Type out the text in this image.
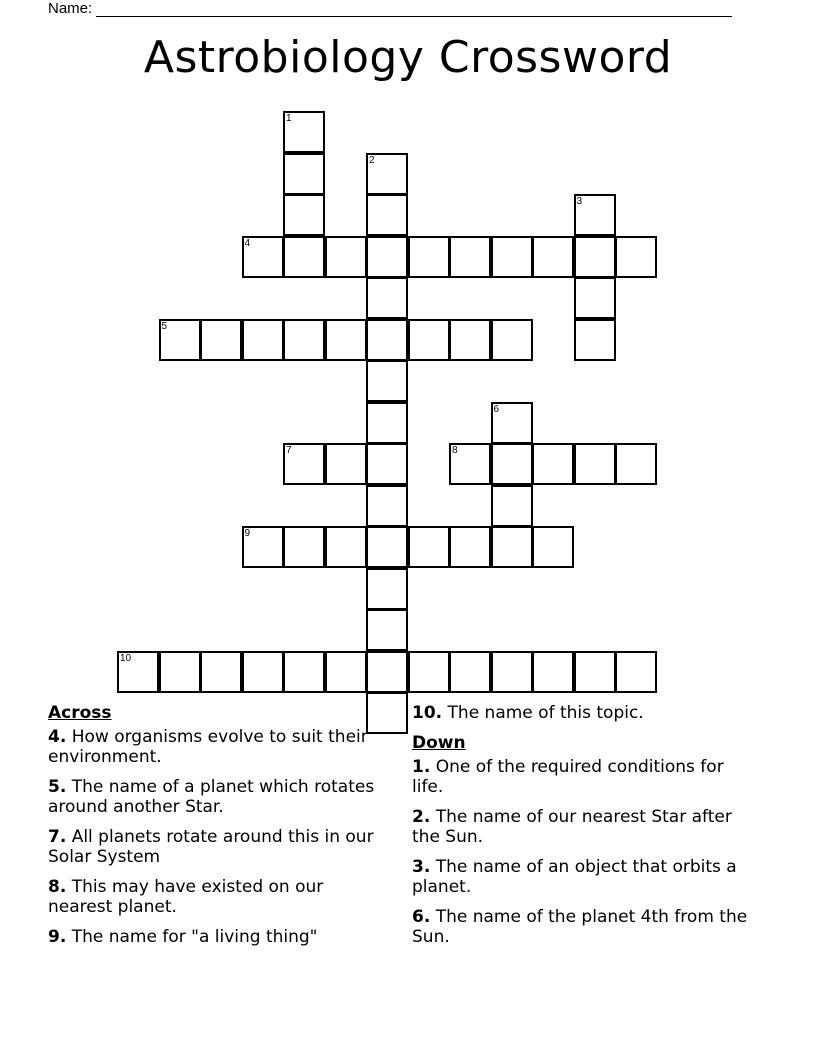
Name:
Astrobiology Crossword
1
2
3
4
5
6
7	8
9
10
Across
4. How organisms evolve to suit their environment.
5. The name of a planet which rotates around another Star.
7. All planets rotate around this in our Solar System
8. This may have existed on our nearest planet.
9. The name for "a living thing"
10. The name of this topic.
Down
1. One of the required conditions for life.
2. The name of our nearest Star after the Sun.
3. The name of an object that orbits a planet.
6. The name of the planet 4th from the Sun.
